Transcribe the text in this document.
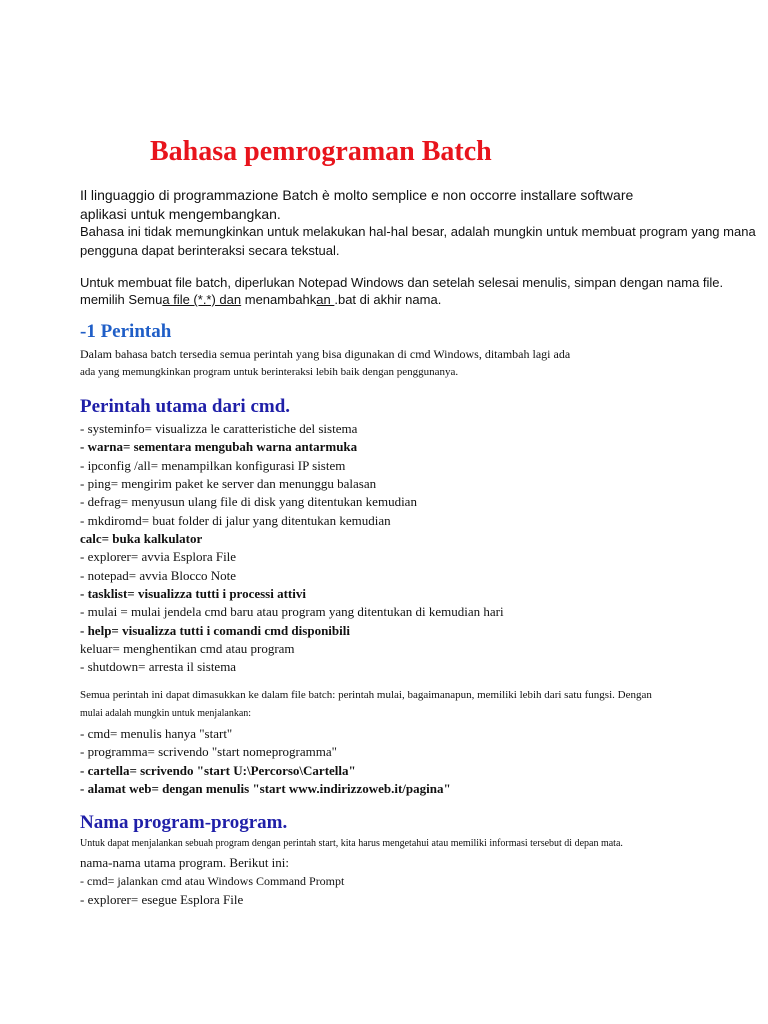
Bahasa pemrograman Batch
Il linguaggio di programmazione Batch è molto semplice e non occorre installare software
aplikasi untuk mengembangkan.
Bahasa ini tidak memungkinkan untuk melakukan hal-hal besar, adalah mungkin untuk membuat program yang mana
pengguna dapat berinteraksi secara tekstual.
Untuk membuat file batch, diperlukan Notepad Windows dan setelah selesai menulis, simpan dengan nama file.
memilih Semua file (*.*) dan menambahkan .bat di akhir nama.
-1 Perintah
Dalam bahasa batch tersedia semua perintah yang bisa digunakan di cmd Windows, ditambah lagi ada
ada yang memungkinkan program untuk berinteraksi lebih baik dengan penggunanya.
Perintah utama dari cmd.
- systeminfo= visualizza le caratteristiche del sistema
- warna= sementara mengubah warna antarmuka
- ipconfig /all= menampilkan konfigurasi IP sistem
- ping= mengirim paket ke server dan menunggu balasan
- defrag= menyusun ulang file di disk yang ditentukan kemudian
- mkdiromd= buat folder di jalur yang ditentukan kemudian
calc= buka kalkulator
- explorer= avvia Esplora File
- notepad= avvia Blocco Note
- tasklist= visualizza tutti i processi attivi
- mulai = mulai jendela cmd baru atau program yang ditentukan di kemudian hari
- help= visualizza tutti i comandi cmd disponibili
keluar= menghentikan cmd atau program
- shutdown= arresta il sistema
Semua perintah ini dapat dimasukkan ke dalam file batch: perintah mulai, bagaimanapun, memiliki lebih dari satu fungsi. Dengan
mulai adalah mungkin untuk menjalankan:
- cmd= menulis hanya "start"
- programma= scrivendo "start nomeprogramma"
- cartella= scrivendo "start U:\Percorso\Cartella"
- alamat web= dengan menulis "start www.indirizzoweb.it/pagina"
Nama program-program.
Untuk dapat menjalankan sebuah program dengan perintah start, kita harus mengetahui atau memiliki informasi tersebut di depan mata.
nama-nama utama program. Berikut ini:
- cmd= jalankan cmd atau Windows Command Prompt
- explorer= esegue Esplora File
